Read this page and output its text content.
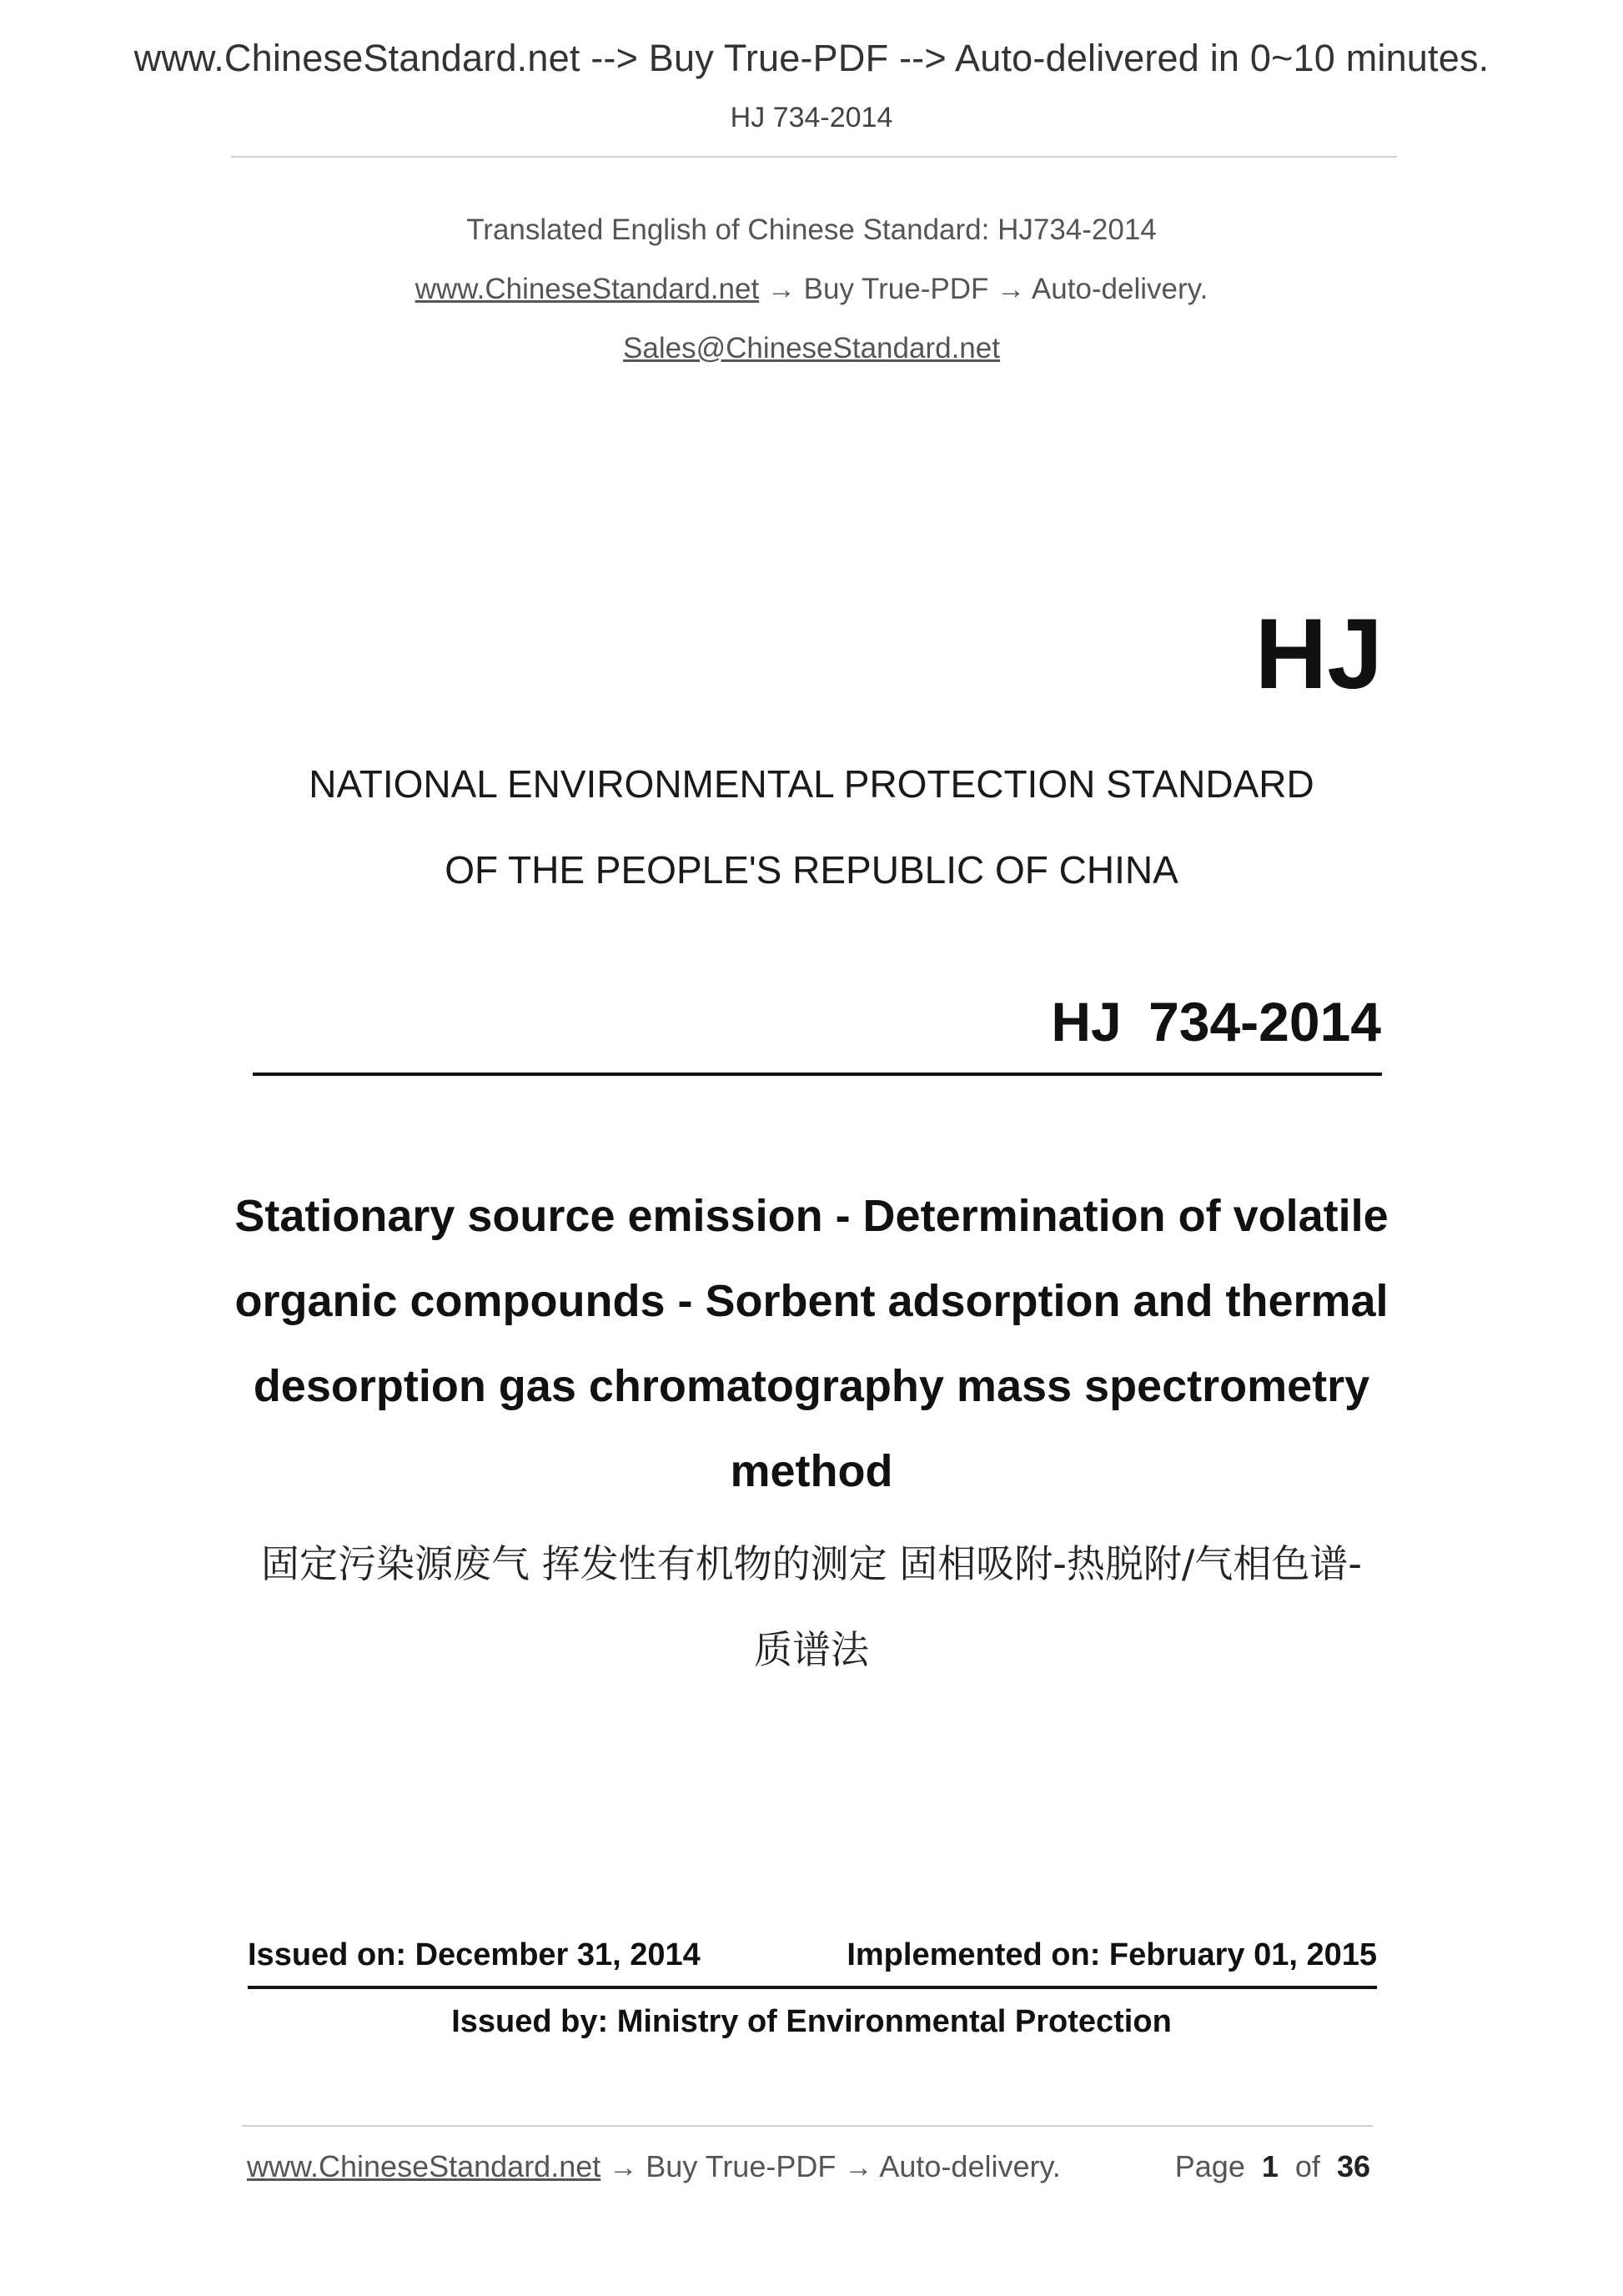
www.ChineseStandard.net --> Buy True-PDF --> Auto-delivered in 0~10 minutes.
HJ 734-2014
Translated English of Chinese Standard: HJ734-2014
www.ChineseStandard.net → Buy True-PDF → Auto-delivery.
Sales@ChineseStandard.net
HJ
NATIONAL ENVIRONMENTAL PROTECTION STANDARD
OF THE PEOPLE'S REPUBLIC OF CHINA
HJ 734-2014
Stationary source emission - Determination of volatile
organic compounds - Sorbent adsorption and thermal
desorption gas chromatography mass spectrometry
method
固定污染源废气 挥发性有机物的测定 固相吸附-热脱附/气相色谱-
质谱法
Issued on: December 31, 2014	Implemented on: February 01, 2015
Issued by: Ministry of Environmental Protection
www.ChineseStandard.net → Buy True-PDF → Auto-delivery.	Page 1 of 36
